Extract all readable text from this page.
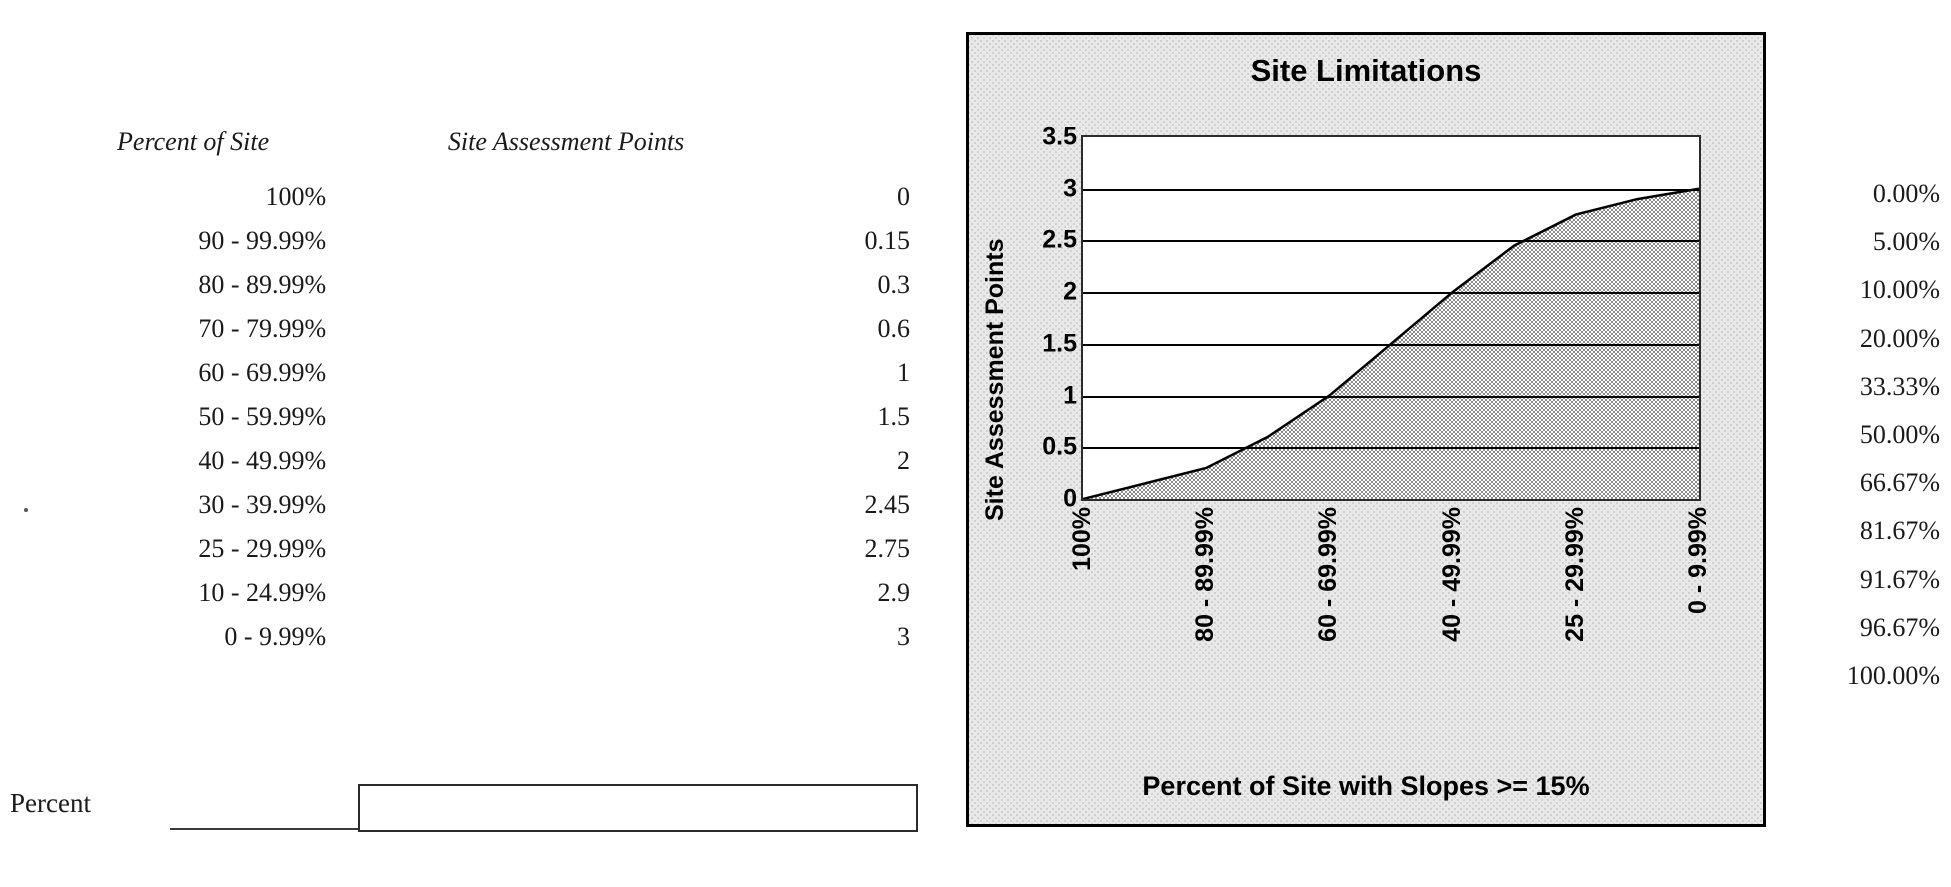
Percent of Site	Site Assessment Points
100%	0
90 - 99.99%	0.15
80 - 89.99%	0.3
70 - 79.99%	0.6
60 - 69.99%	1
50 - 59.99%	1.5
40 - 49.99%	2
30 - 39.99%	2.45
25 - 29.99%	2.75
10 - 24.99%	2.9
0 - 9.99%	3
Percent
0.00%
5.00%
10.00%
20.00%
33.33%
50.00%
66.67%
81.67%
91.67%
96.67%
100.00%
Site Limitations
Site Assessment Points	0
0.5
1
1.5
2
2.5
3
3.5
100%	80 - 89.99%	60 - 69.99%	40 - 49.99%	25 - 29.99%	0 - 9.99%
Percent of Site with Slopes >= 15%
